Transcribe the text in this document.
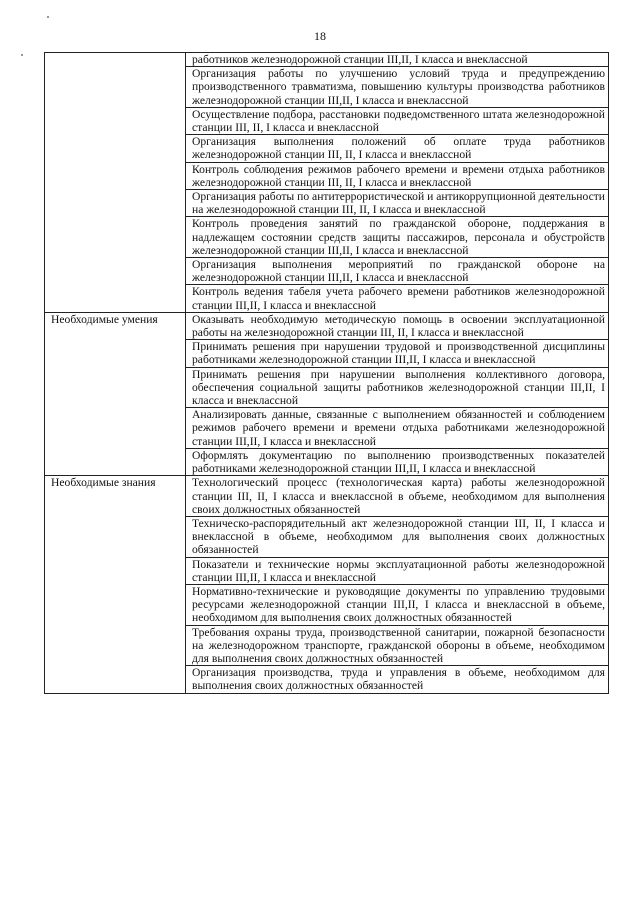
18
	работников железнодорожной станции III,II, I класса и внеклассной
	Организация работы по улучшению условий труда и предупреждению производственного травматизма, повышению культуры производства работников железнодорожной станции III,II, I класса и внеклассной
	Осуществление подбора, расстановки подведомственного штата железнодорожной станции III, II, I класса и внеклассной
	Организация выполнения положений об оплате труда работников железнодорожной станции III, II, I класса и внеклассной
	Контроль соблюдения режимов рабочего времени и времени отдыха работников железнодорожной станции III, II, I класса и внеклассной
	Организация работы по антитеррористической и антикоррупционной деятельности на железнодорожной станции III, II, I класса и внеклассной
	Контроль проведения занятий по гражданской обороне, поддержания в надлежащем состоянии средств защиты пассажиров, персонала и обустройств железнодорожной станции III,II, I класса и внеклассной
	Организация выполнения мероприятий по гражданской обороне на железнодорожной станции III,II, I класса и внеклассной
	Контроль ведения табеля учета рабочего времени работников железнодорожной станции III,II, I класса и внеклассной
Необходимые умения	Оказывать необходимую методическую помощь в освоении эксплуатационной работы на железнодорожной станции III, II, I класса и внеклассной
	Принимать решения при нарушении трудовой и производственной дисциплины работниками железнодорожной станции III,II, I класса и внеклассной
	Принимать решения при нарушении выполнения коллективного договора, обеспечения социальной защиты работников железнодорожной станции III,II, I класса и внеклассной
	Анализировать данные, связанные с выполнением обязанностей и соблюдением режимов рабочего времени и времени отдыха работниками железнодорожной станции III,II, I класса и внеклассной
	Оформлять документацию по выполнению производственных показателей работниками железнодорожной станции III,II, I класса и внеклассной
Необходимые знания	Технологический процесс (технологическая карта) работы железнодорожной станции III, II, I класса и внеклассной в объеме, необходимом для выполнения своих должностных обязанностей
	Техническо-распорядительный акт железнодорожной станции III, II, I класса и внеклассной в объеме, необходимом для выполнения своих должностных обязанностей
	Показатели и технические нормы эксплуатационной работы железнодорожной станции III,II, I класса и внеклассной
	Нормативно-технические и руководящие документы по управлению трудовыми ресурсами железнодорожной станции III,II, I класса и внеклассной в объеме, необходимом для выполнения своих должностных обязанностей
	Требования охраны труда, производственной санитарии, пожарной безопасности на железнодорожном транспорте, гражданской обороны в объеме, необходимом для выполнения своих должностных обязанностей
	Организация производства, труда и управления в объеме, необходимом для выполнения своих должностных обязанностей
